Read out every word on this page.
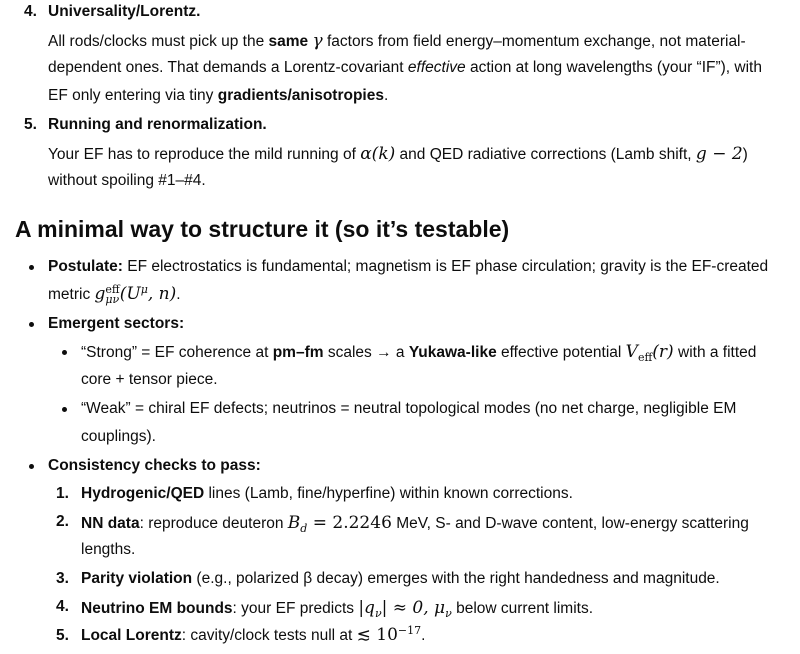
4. Universality/Lorentz.
All rods/clocks must pick up the same γ factors from field energy–momentum exchange, not material-
dependent ones. That demands a Lorentz-covariant effective action at long wavelengths (your “IF”), with
EF only entering via tiny gradients/anisotropies.
5. Running and renormalization.
Your EF has to reproduce the mild running of α(k) and QED radiative corrections (Lamb shift, g − 2)
without spoiling #1–#4.
A minimal way to structure it (so it’s testable)
Postulate: EF electrostatics is fundamental; magnetism is EF phase circulation; gravity is the EF-created
metric g eff
μν ($U^\mu$, n).
Emergent sectors:
“Strong” = EF coherence at pm–fm scales → a Yukawa-like effective potential $V_{eff}(r)$ with a fitted
core + tensor piece.
“Weak” = chiral EF defects; neutrinos = neutral topological modes (no net charge, negligible EM
couplings).
Consistency checks to pass:
1. Hydrogenic/QED lines (Lamb, fine/hyperfine) within known corrections.
2. NN data: reproduce deuteron $B_d = 2.2246$ MeV, S- and D-wave content, low-energy scattering
lengths.
3. Parity violation (e.g., polarized β decay) emerges with the right handedness and magnitude.
4. Neutrino EM bounds: your EF predicts $|q_\nu| \approx 0$, $\mu_\nu$ below current limits.
5. Local Lorentz: cavity/clock tests null at ≲ $10^{-17}$.
